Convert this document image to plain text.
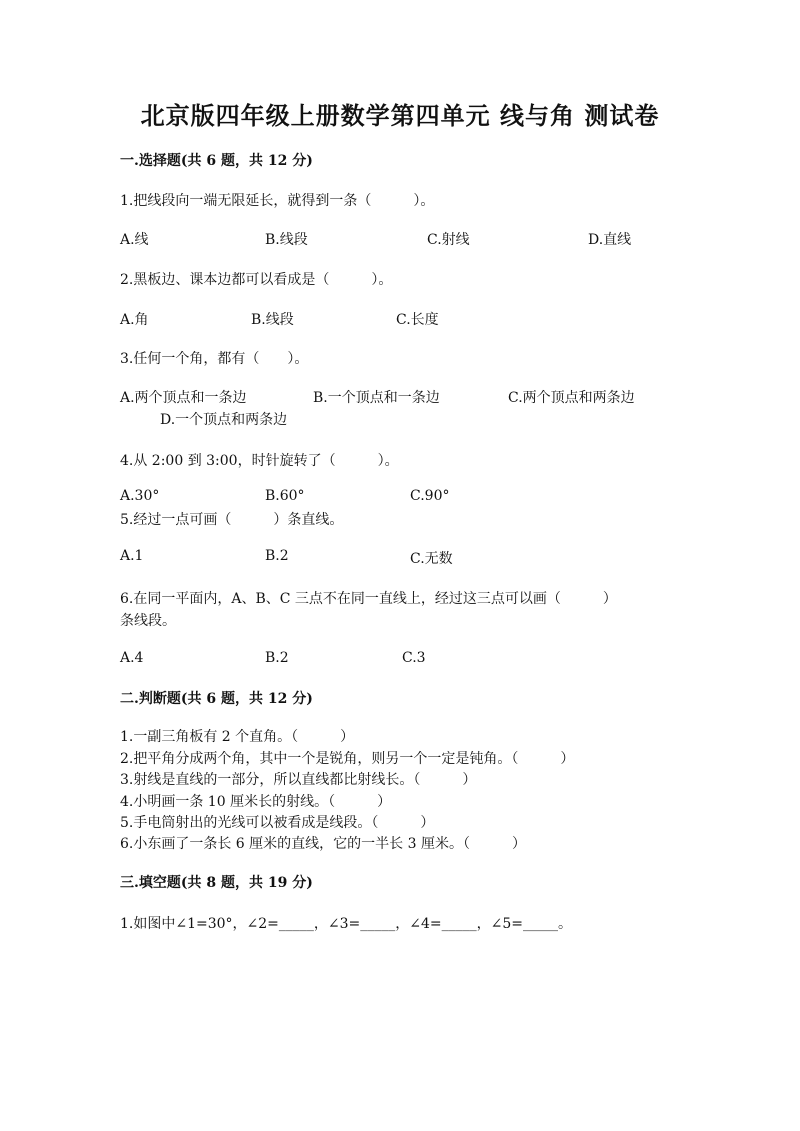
北京版四年级上册数学第四单元 线与角 测试卷
一.选择题(共 6 题，共 12 分)
1.把线段向一端无限延长，就得到一条（　　　）。
A.线	B.线段	C.射线	D.直线
2.黑板边、课本边都可以看成是（　　　）。
A.角	B.线段	C.长度
3.任何一个角，都有（　　）。
A.两个顶点和一条边	B.一个顶点和一条边	C.两个顶点和两条边
D.一个顶点和两条边
4.从 2:00 到 3:00，时针旋转了（　　　）。
A.30°	B.60°	C.90°
5.经过一点可画（　　　）条直线。
A.1	B.2	C.无数
6.在同一平面内，A、B、C 三点不在同一直线上，经过这三点可以画（　　　）
条线段。
A.4	B.2	C.3
二.判断题(共 6 题，共 12 分)
1.一副三角板有 2 个直角。（　　　）
2.把平角分成两个角，其中一个是锐角，则另一个一定是钝角。（　　　）
3.射线是直线的一部分，所以直线都比射线长。（　　　）
4.小明画一条 10 厘米长的射线。（　　　）
5.手电筒射出的光线可以被看成是线段。（　　　）
6.小东画了一条长 6 厘米的直线，它的一半长 3 厘米。（　　　）
三.填空题(共 8 题，共 19 分)
1.如图中∠1=30°，∠2=_____，∠3=_____，∠4=_____，∠5=_____。
